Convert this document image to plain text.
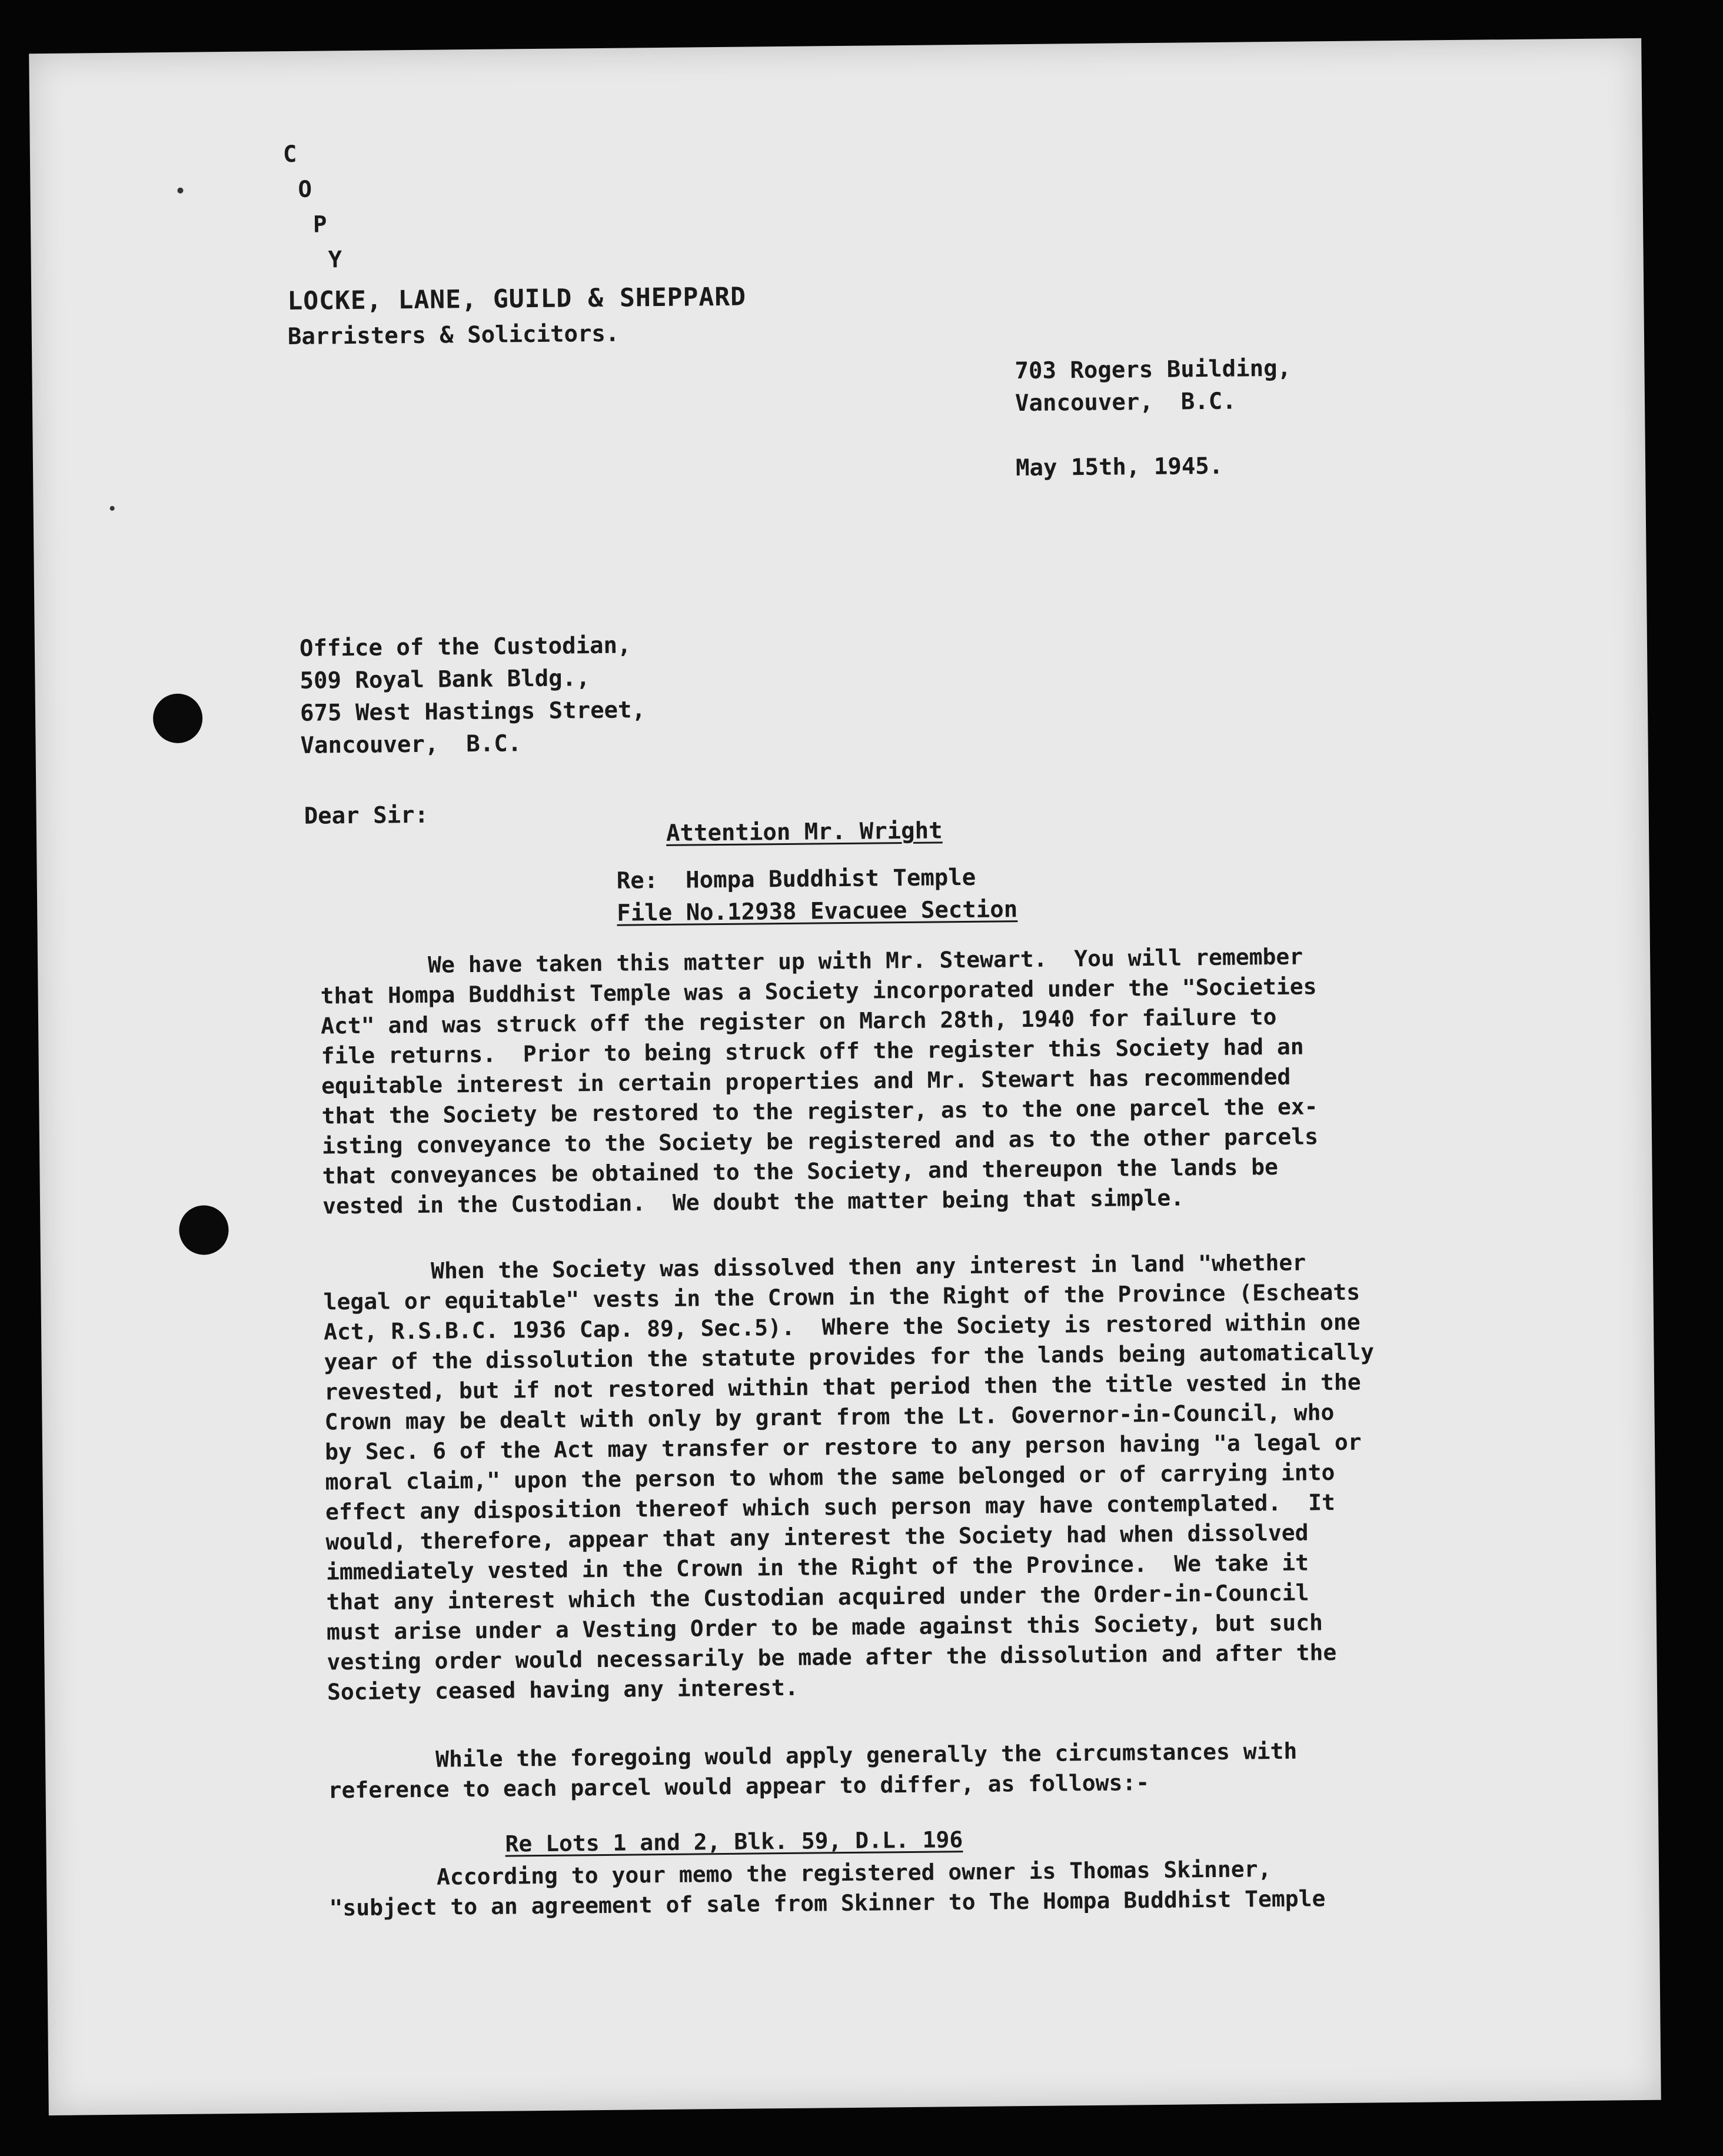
C
O
P
Y
LOCKE, LANE, GUILD & SHEPPARD
Barristers & Solicitors.
703 Rogers Building,
Vancouver,  B.C.
May 15th, 1945.
Office of the Custodian,
509 Royal Bank Bldg.,
675 West Hastings Street,
Vancouver,  B.C.
Dear Sir:
Attention Mr. Wright
Re:  Hompa Buddhist Temple
File No.12938 Evacuee Section

We have taken this matter up with Mr. Stewart.  You will remember

that Hompa Buddhist Temple was a Society incorporated under the "Societies

Act" and was struck off the register on March 28th, 1940 for failure to

file returns.  Prior to being struck off the register this Society had an

equitable interest in certain properties and Mr. Stewart has recommended

that the Society be restored to the register, as to the one parcel the ex-

isting conveyance to the Society be registered and as to the other parcels

that conveyances be obtained to the Society, and thereupon the lands be

vested in the Custodian.  We doubt the matter being that simple.

When the Society was dissolved then any interest in land "whether

legal or equitable" vests in the Crown in the Right of the Province (Escheats

Act, R.S.B.C. 1936 Cap. 89, Sec.5).  Where the Society is restored within one

year of the dissolution the statute provides for the lands being automatically

revested, but if not restored within that period then the title vested in the

Crown may be dealt with only by grant from the Lt. Governor-in-Council, who

by Sec. 6 of the Act may transfer or restore to any person having "a legal or

moral claim," upon the person to whom the same belonged or of carrying into

effect any disposition thereof which such person may have contemplated.  It

would, therefore, appear that any interest the Society had when dissolved

immediately vested in the Crown in the Right of the Province.  We take it

that any interest which the Custodian acquired under the Order-in-Council

must arise under a Vesting Order to be made against this Society, but such

vesting order would necessarily be made after the dissolution and after the

Society ceased having any interest.

While the foregoing would apply generally the circumstances with

reference to each parcel would appear to differ, as follows:-

Re Lots 1 and 2, Blk. 59, D.L. 196

According to your memo the registered owner is Thomas Skinner,

"subject to an agreement of sale from Skinner to The Hompa Buddhist Temple
